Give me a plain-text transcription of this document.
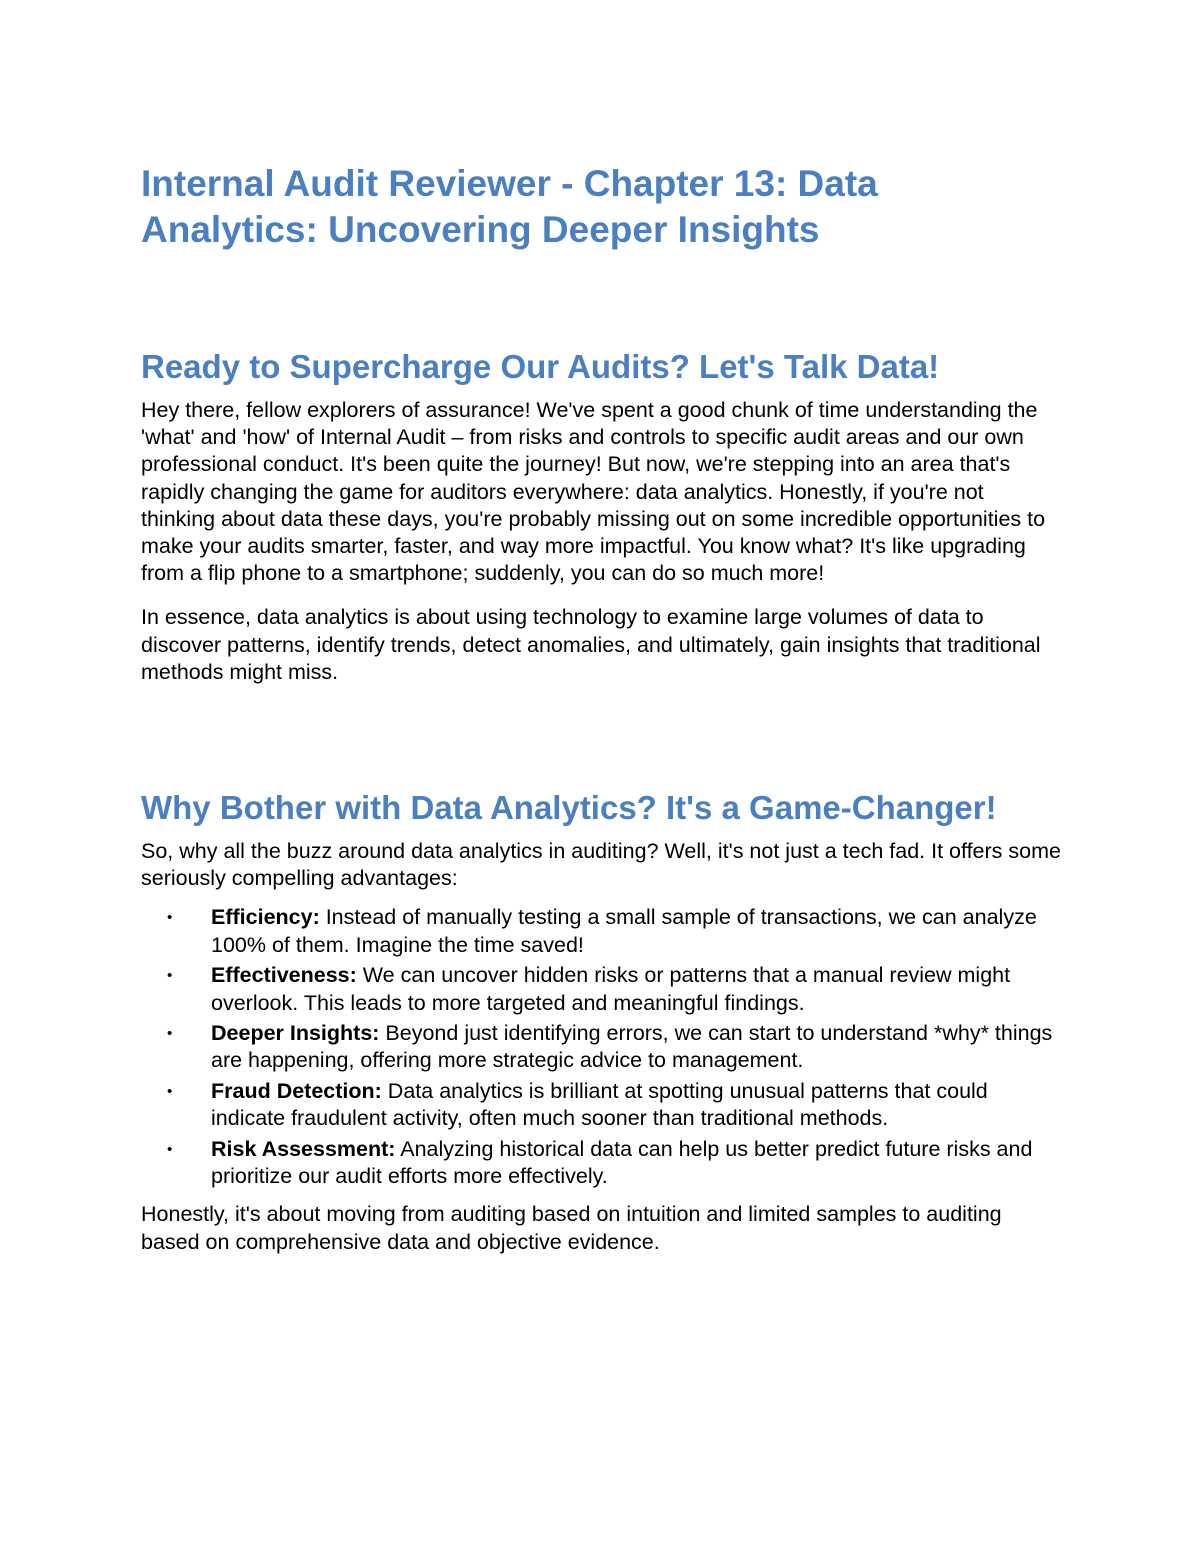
Internal Audit Reviewer - Chapter 13: Data Analytics: Uncovering Deeper Insights
Ready to Supercharge Our Audits? Let's Talk Data!

Hey there, fellow explorers of assurance! We've spent a good chunk of time understanding the 'what' and 'how' of Internal Audit – from risks and controls to specific audit areas and our own professional conduct. It's been quite the journey! But now, we're stepping into an area that's rapidly changing the game for auditors everywhere: data analytics. Honestly, if you're not thinking about data these days, you're probably missing out on some incredible opportunities to make your audits smarter, faster, and way more impactful. You know what? It's like upgrading from a flip phone to a smartphone; suddenly, you can do so much more!

In essence, data analytics is about using technology to examine large volumes of data to discover patterns, identify trends, detect anomalies, and ultimately, gain insights that traditional methods might miss.

Why Bother with Data Analytics? It's a Game-Changer!

So, why all the buzz around data analytics in auditing? Well, it's not just a tech fad. It offers some seriously compelling advantages:

• Efficiency: Instead of manually testing a small sample of transactions, we can analyze 100% of them. Imagine the time saved!
• Effectiveness: We can uncover hidden risks or patterns that a manual review might overlook. This leads to more targeted and meaningful findings.
• Deeper Insights: Beyond just identifying errors, we can start to understand *why* things are happening, offering more strategic advice to management.
• Fraud Detection: Data analytics is brilliant at spotting unusual patterns that could indicate fraudulent activity, often much sooner than traditional methods.
• Risk Assessment: Analyzing historical data can help us better predict future risks and prioritize our audit efforts more effectively.

Honestly, it's about moving from auditing based on intuition and limited samples to auditing based on comprehensive data and objective evidence.
